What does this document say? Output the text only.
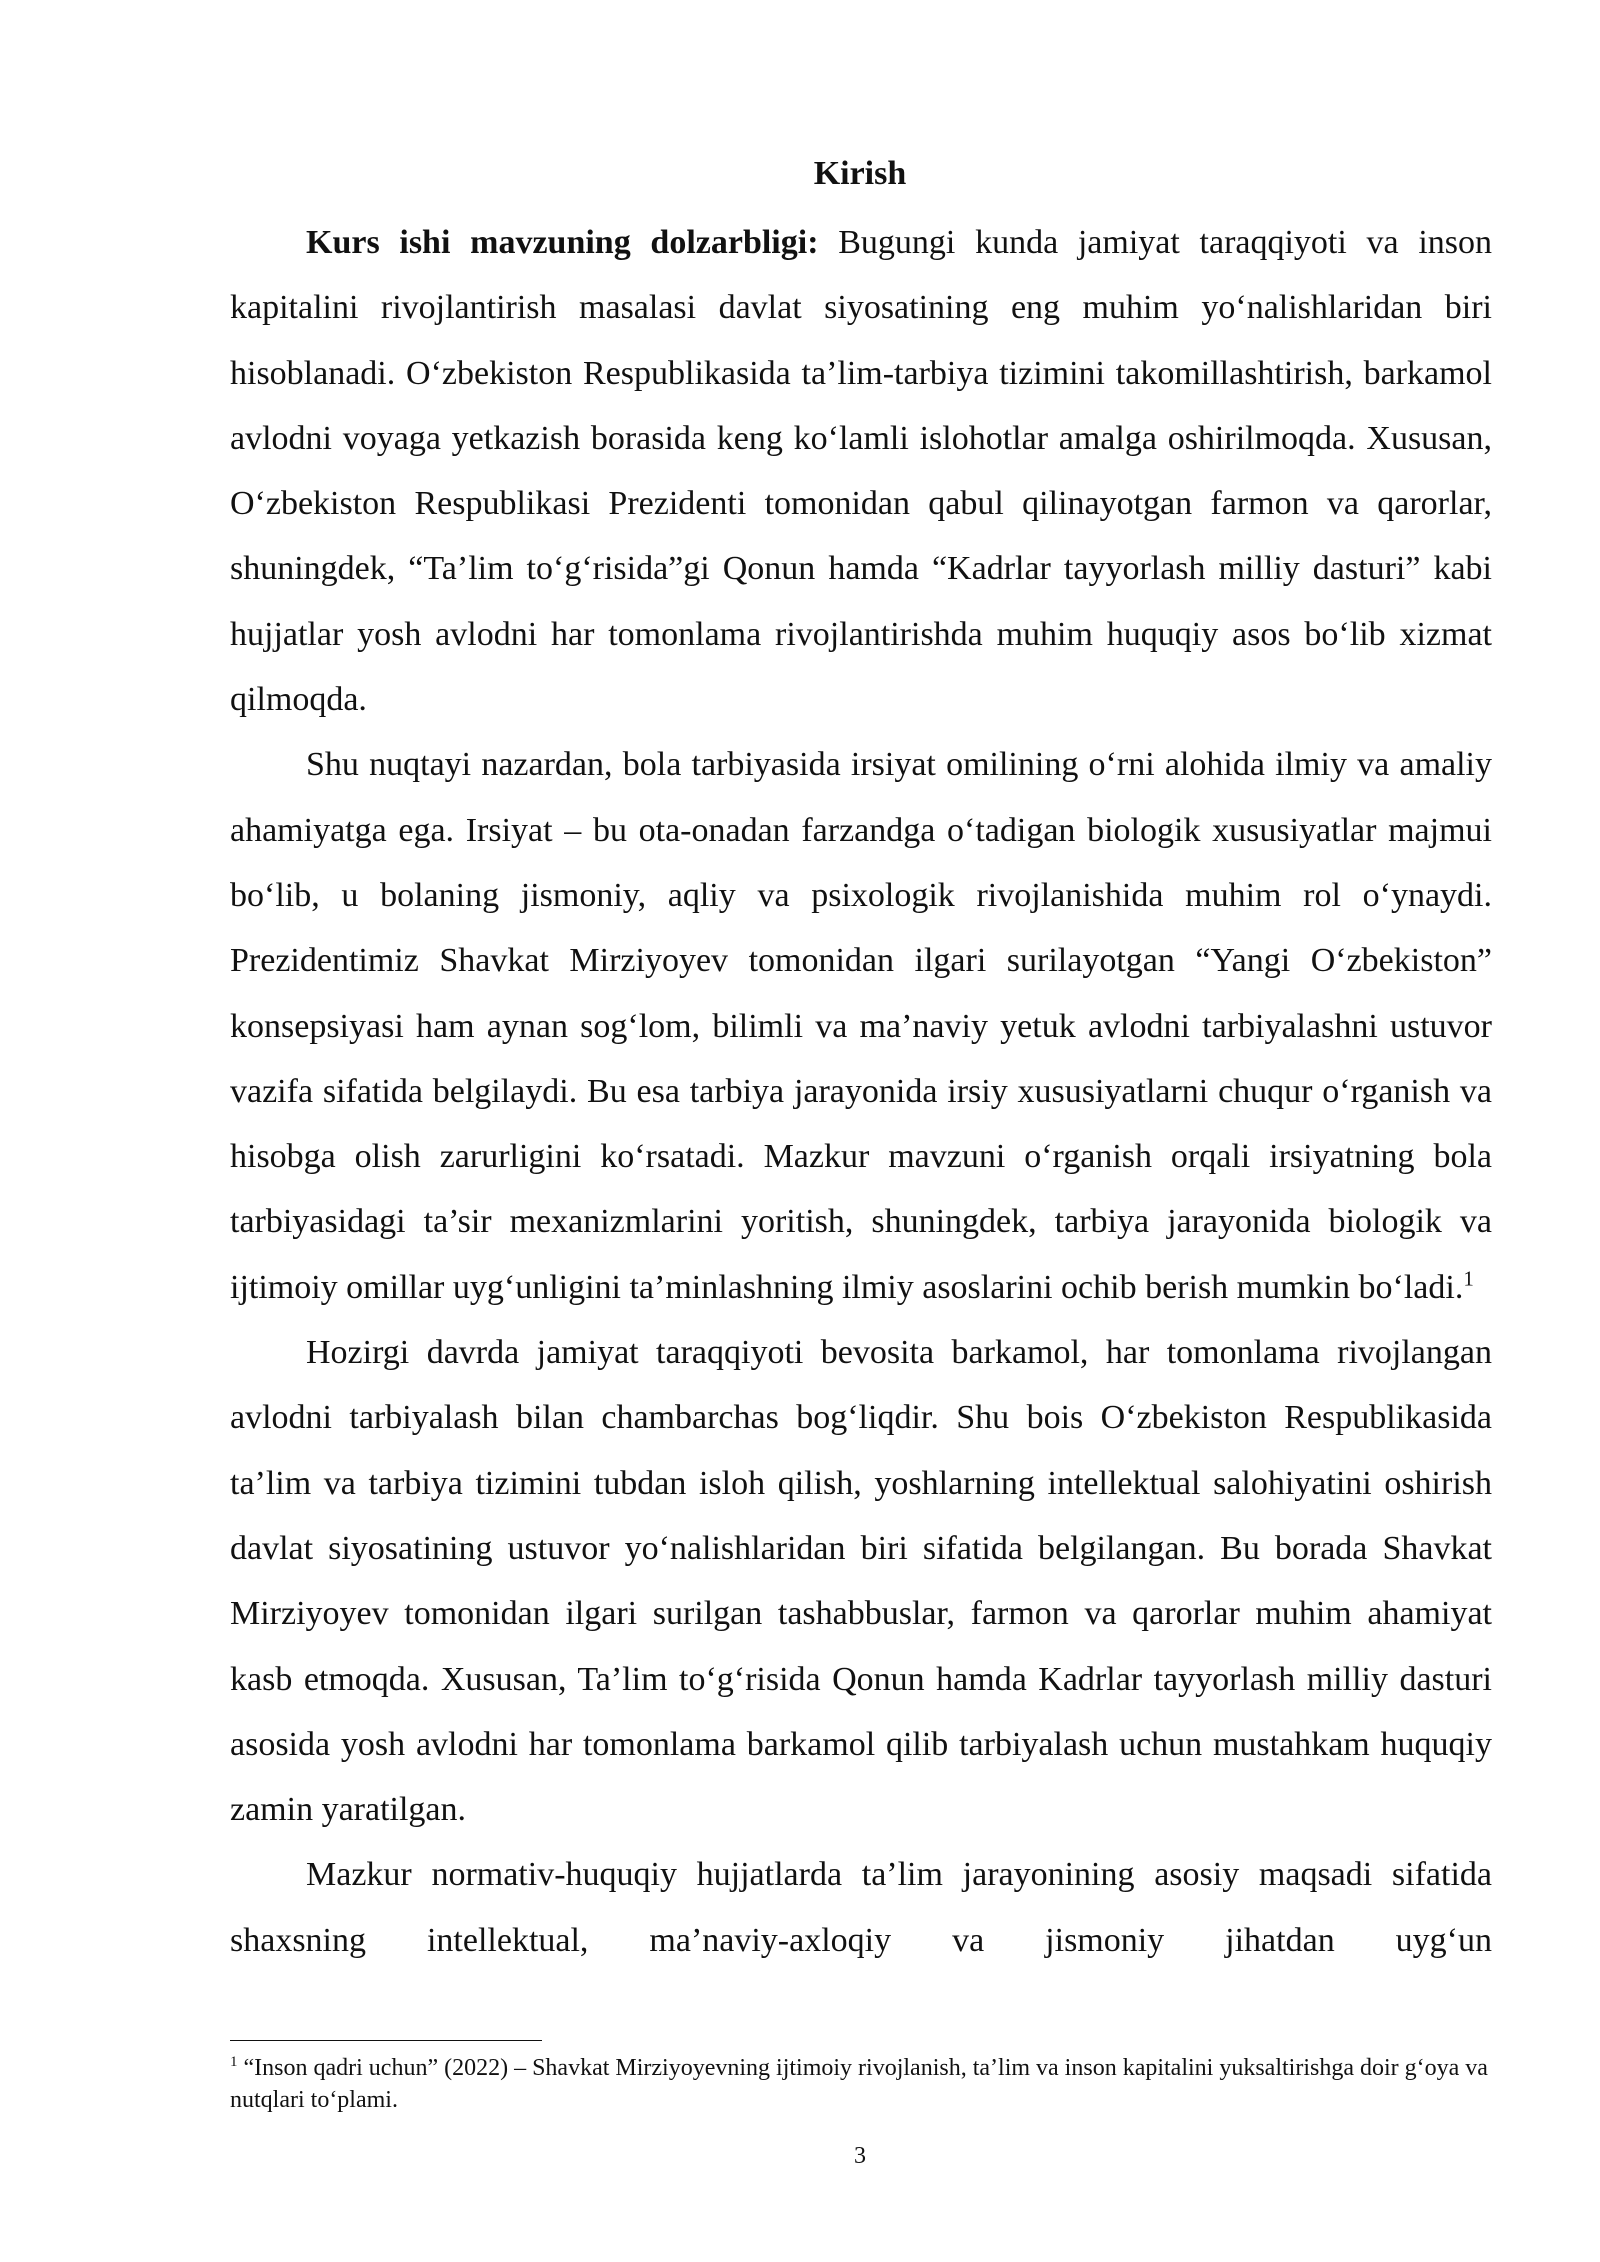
Kirish

Kurs ishi mavzuning dolzarbligi: Bugungi kunda jamiyat taraqqiyoti va inson kapitalini rivojlantirish masalasi davlat siyosatining eng muhim yo‘nalishlaridan biri hisoblanadi. O‘zbekiston Respublikasida ta’lim-tarbiya tizimini takomillashtirish, barkamol avlodni voyaga yetkazish borasida keng ko‘lamli islohotlar amalga oshirilmoqda. Xususan, O‘zbekiston Respublikasi Prezidenti tomonidan qabul qilinayotgan farmon va qarorlar, shuningdek, “Ta’lim to‘g‘risida”gi Qonun hamda “Kadrlar tayyorlash milliy dasturi” kabi hujjatlar yosh avlodni har tomonlama rivojlantirishda muhim huquqiy asos bo‘lib xizmat qilmoqda.

Shu nuqtayi nazardan, bola tarbiyasida irsiyat omilining o‘rni alohida ilmiy va amaliy ahamiyatga ega. Irsiyat – bu ota-onadan farzandga o‘tadigan biologik xususiyatlar majmui bo‘lib, u bolaning jismoniy, aqliy va psixologik rivojlanishida muhim rol o‘ynaydi. Prezidentimiz Shavkat Mirziyoyev tomonidan ilgari surilayotgan “Yangi O‘zbekiston” konsepsiyasi ham aynan sog‘lom, bilimli va ma’naviy yetuk avlodni tarbiyalashni ustuvor vazifa sifatida belgilaydi. Bu esa tarbiya jarayonida irsiy xususiyatlarni chuqur o‘rganish va hisobga olish zarurligini ko‘rsatadi. Mazkur mavzuni o‘rganish orqali irsiyatning bola tarbiyasidagi ta’sir mexanizmlarini yoritish, shuningdek, tarbiya jarayonida biologik va ijtimoiy omillar uyg‘unligini ta’minlashning ilmiy asoslarini ochib berish mumkin bo‘ladi.$^1$

Hozirgi davrda jamiyat taraqqiyoti bevosita barkamol, har tomonlama rivojlangan avlodni tarbiyalash bilan chambarchas bog‘liqdir. Shu bois O‘zbekiston Respublikasida ta’lim va tarbiya tizimini tubdan isloh qilish, yoshlarning intellektual salohiyatini oshirish davlat siyosatining ustuvor yo‘nalishlaridan biri sifatida belgilangan. Bu borada Shavkat Mirziyoyev tomonidan ilgari surilgan tashabbuslar, farmon va qarorlar muhim ahamiyat kasb etmoqda. Xususan, Ta’lim to‘g‘risida Qonun hamda Kadrlar tayyorlash milliy dasturi asosida yosh avlodni har tomonlama barkamol qilib tarbiyalash uchun mustahkam huquqiy zamin yaratilgan.

Mazkur normativ-huquqiy hujjatlarda ta’lim jarayonining asosiy maqsadi sifatida shaxsning intellektual, ma’naviy-axloqiy va jismoniy jihatdan uyg‘un

$^1$ “Inson qadri uchun” (2022) – Shavkat Mirziyoyevning ijtimoiy rivojlanish, ta’lim va inson kapitalini yuksaltirishga doir g‘oya va nutqlari to‘plami.
3
